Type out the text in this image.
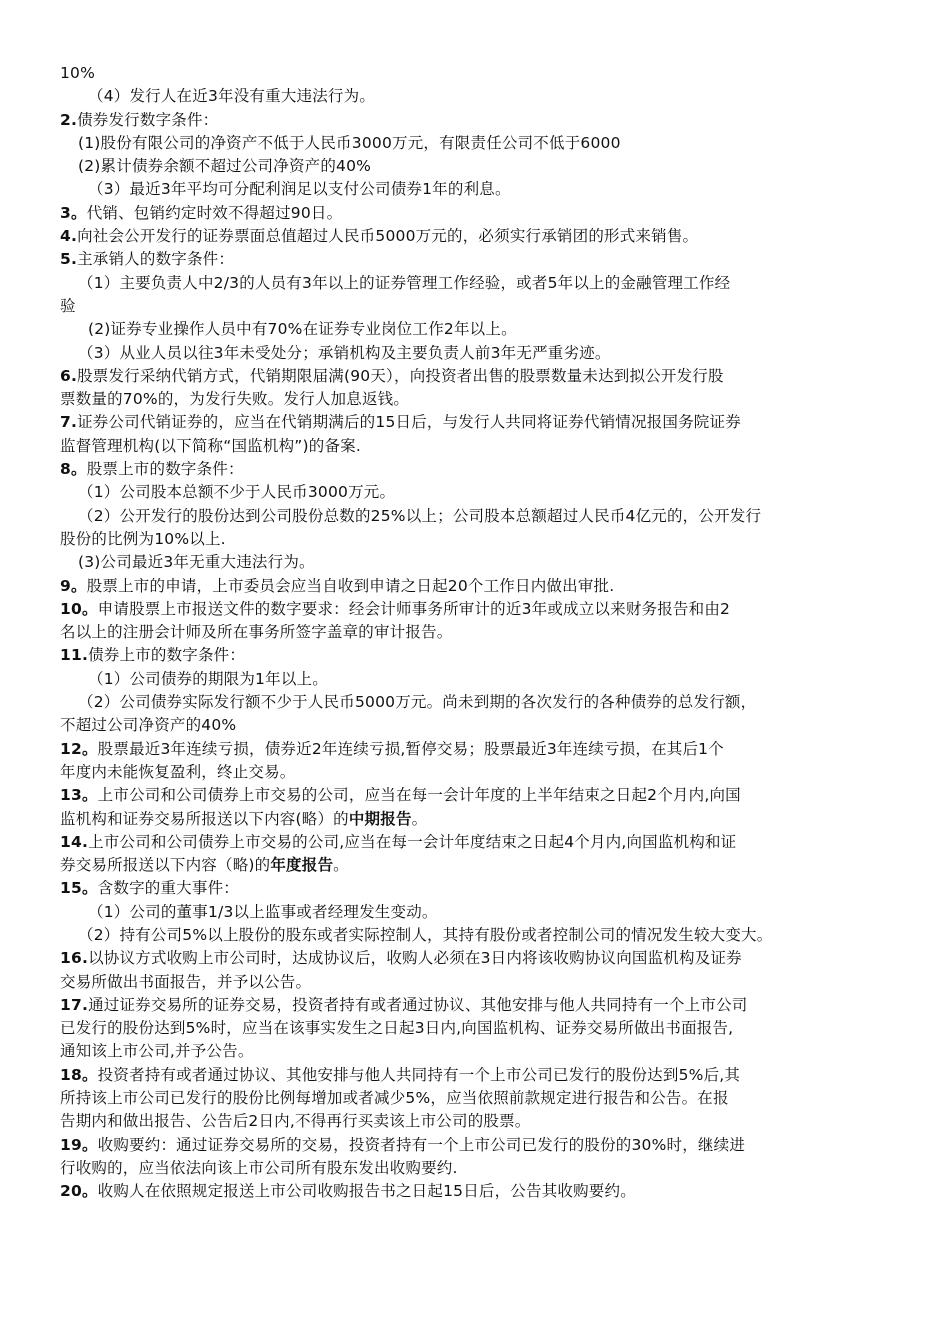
10%
（4）发行人在近3年没有重大违法行为。
2.债券发行数字条件：
(1)股份有限公司的净资产不低于人民币3000万元，有限责任公司不低于6000
(2)累计债券余额不超过公司净资产的40%
（3）最近3年平均可分配利润足以支付公司债券1年的利息。
3。代销、包销约定时效不得超过90日。
4.向社会公开发行的证券票面总值超过人民币5000万元的，必须实行承销团的形式来销售。
5.主承销人的数字条件：
（1）主要负责人中2/3的人员有3年以上的证券管理工作经验，或者5年以上的金融管理工作经
验
(2)证券专业操作人员中有70%在证券专业岗位工作2年以上。
（3）从业人员以往3年未受处分；承销机构及主要负责人前3年无严重劣迹。
6.股票发行采纳代销方式，代销期限届满(90天），向投资者出售的股票数量未达到拟公开发行股
票数量的70%的，为发行失败。发行人加息返钱。
7.证券公司代销证券的，应当在代销期满后的15日后，与发行人共同将证券代销情况报国务院证券
监督管理机构(以下简称“国监机构”)的备案.
8。股票上市的数字条件：
（1）公司股本总额不少于人民币3000万元。
（2）公开发行的股份达到公司股份总数的25%以上；公司股本总额超过人民币4亿元的，公开发行
股份的比例为10%以上.
(3)公司最近3年无重大违法行为。
9。股票上市的申请，上市委员会应当自收到申请之日起20个工作日内做出审批.
10。申请股票上市报送文件的数字要求：经会计师事务所审计的近3年或成立以来财务报告和由2
名以上的注册会计师及所在事务所签字盖章的审计报告。
11.债券上市的数字条件：
（1）公司债券的期限为1年以上。
（2）公司债券实际发行额不少于人民币5000万元。尚未到期的各次发行的各种债券的总发行额，
不超过公司净资产的40%
12。股票最近3年连续亏损，债券近2年连续亏损,暂停交易；股票最近3年连续亏损，在其后1个
年度内未能恢复盈利，终止交易。
13。上市公司和公司债券上市交易的公司，应当在每一会计年度的上半年结束之日起2个月内,向国
监机构和证券交易所报送以下内容(略）的中期报告。
14.上市公司和公司债券上市交易的公司,应当在每一会计年度结束之日起4个月内,向国监机构和证
券交易所报送以下内容（略)的年度报告。
15。含数字的重大事件：
（1）公司的董事1/3以上监事或者经理发生变动。
（2）持有公司5%以上股份的股东或者实际控制人，其持有股份或者控制公司的情况发生较大变大。
16.以协议方式收购上市公司时，达成协议后，收购人必须在3日内将该收购协议向国监机构及证券
交易所做出书面报告，并予以公告。
17.通过证券交易所的证券交易，投资者持有或者通过协议、其他安排与他人共同持有一个上市公司
已发行的股份达到5%时，应当在该事实发生之日起3日内,向国监机构、证券交易所做出书面报告,
通知该上市公司,并予公告。
18。投资者持有或者通过协议、其他安排与他人共同持有一个上市公司已发行的股份达到5%后,其
所持该上市公司已发行的股份比例每增加或者减少5%，应当依照前款规定进行报告和公告。在报
告期内和做出报告、公告后2日内,不得再行买卖该上市公司的股票。
19。收购要约：通过证券交易所的交易，投资者持有一个上市公司已发行的股份的30%时，继续进
行收购的，应当依法向该上市公司所有股东发出收购要约.
20。收购人在依照规定报送上市公司收购报告书之日起15日后，公告其收购要约。
